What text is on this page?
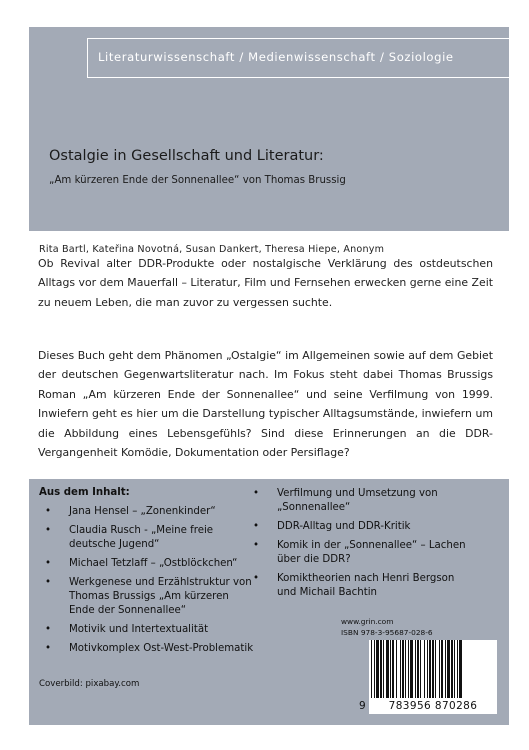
Literaturwissenschaft / Medienwissenschaft / Soziologie
Ostalgie in Gesellschaft und Literatur:
„Am kürzeren Ende der Sonnenallee“ von Thomas Brussig
Rita Bartl, Kateřina Novotná, Susan Dankert, Theresa Hiepe, Anonym

Ob Revival alter DDR-Produkte oder nostalgische Verklärung des ostdeutschen Alltags vor dem Mauerfall – Literatur, Film und Fernsehen erwecken gerne eine Zeit zu neuem Leben, die man zuvor zu vergessen suchte.

Dieses Buch geht dem Phänomen „Ostalgie“ im Allgemeinen sowie auf dem Gebiet der deutschen Gegenwartsliteratur nach. Im Fokus steht dabei Thomas Brussigs Roman „Am kürzeren Ende der Sonnenallee“ und seine Verfilmung von 1999. Inwiefern geht es hier um die Darstellung typischer Alltagsumstände, inwiefern um die Abbildung eines Lebensgefühls? Sind diese Erinnerungen an die DDR-Vergangenheit Komödie, Dokumentation oder Persiflage?

Aus dem Inhalt:
• Jana Hensel – „Zonenkinder“
• Claudia Rusch - „Meine freie deutsche Jugend“
• Michael Tetzlaff – „Ostblöckchen“
• Werkgenese und Erzählstruktur von Thomas Brussigs „Am kürzeren Ende der Sonnenallee“
• Motivik und Intertextualität
• Motivkomplex Ost-West-Problematik
• Verfilmung und Umsetzung von „Sonnenallee“
• DDR-Alltag und DDR-Kritik
• Komik in der „Sonnenallee“ – Lachen über die DDR?
• Komiktheorien nach Henri Bergson und Michail Bachtin
Coverbild: pixabay.com
www.grin.com
ISBN 978-3-95687-028-6
9	783956 870286
